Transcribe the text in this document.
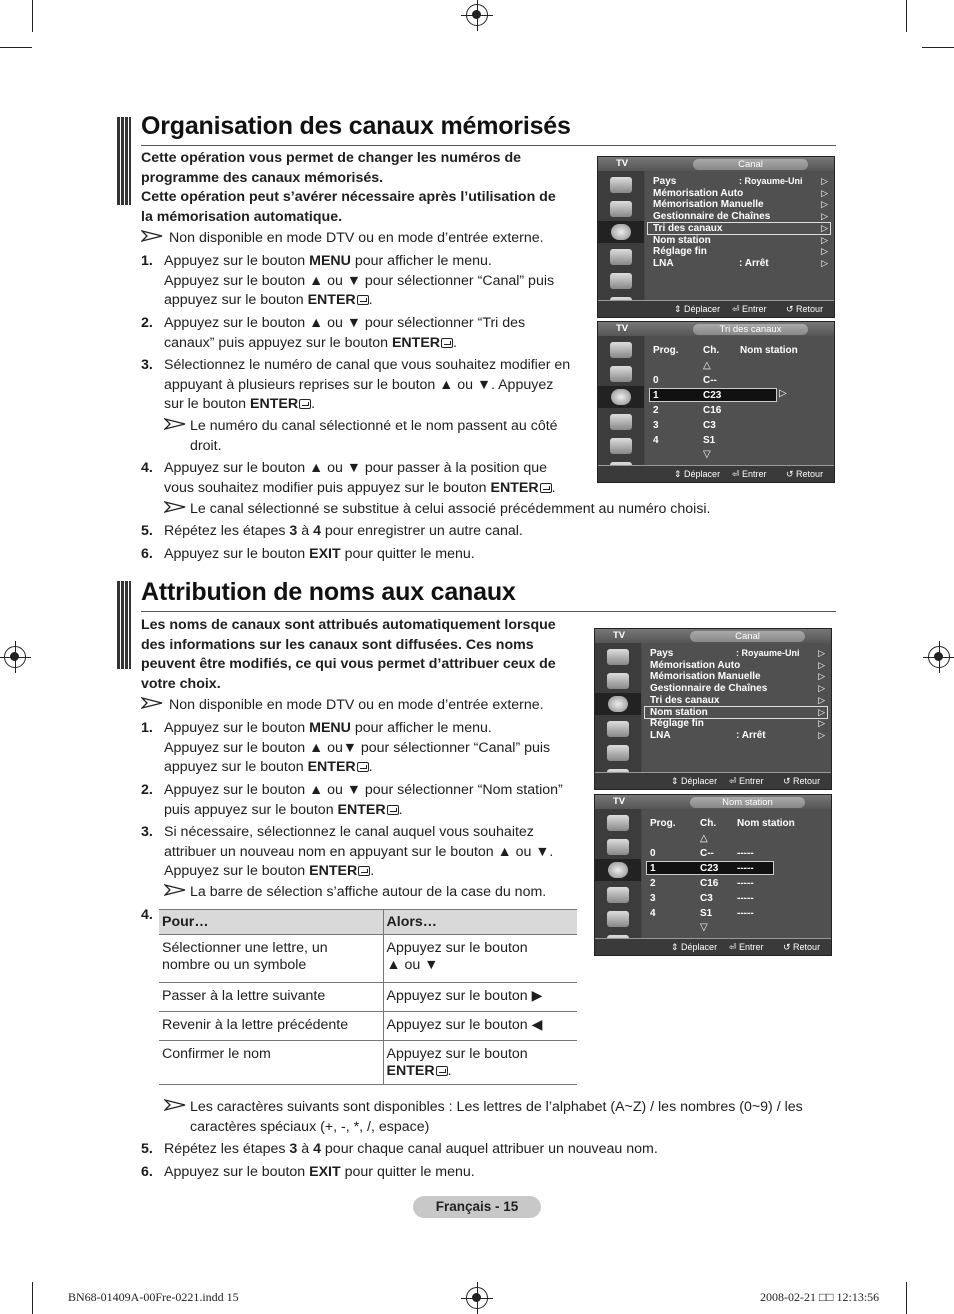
Organisation des canaux mémorisés
Cette opération vous permet de changer les numéros de
programme des canaux mémorisés.
Cette opération peut s’avérer nécessaire après l’utilisation de
la mémorisation automatique.
Non disponible en mode DTV ou en mode d’entrée externe.
1. Appuyez sur le bouton MENU pour afficher le menu.
Appuyez sur le bouton ▲ ou ▼ pour sélectionner “Canal” puis
appuyez sur le bouton ENTER .
2. Appuyez sur le bouton ▲ ou ▼ pour sélectionner “Tri des
canaux” puis appuyez sur le bouton ENTER .
3. Sélectionnez le numéro de canal que vous souhaitez modifier en
appuyant à plusieurs reprises sur le bouton ▲ ou ▼. Appuyez
sur le bouton ENTER .
Le numéro du canal sélectionné et le nom passent au côté
droit.
4. Appuyez sur le bouton ▲ ou ▼ pour passer à la position que
vous souhaitez modifier puis appuyez sur le bouton ENTER .
Le canal sélectionné se substitue à celui associé précédemment au numéro choisi.
5. Répétez les étapes 3 à 4 pour enregistrer un autre canal.
6. Appuyez sur le bouton EXIT pour quitter le menu.
TV	Canal
Pays	: Royaume-Uni ▷
Mémorisation Auto	▷
Mémorisation Manuelle	▷
Gestionnaire de Chaînes	▷
Tri des canaux	▷
Nom station	▷
Réglage fin	▷
LNA	: Arrêt	▷
⇕ Déplacer ⏎ Entrer ↺ Retour
TV	Tri des canaux
Prog. Ch. Nom station
△
▷
0	C--
1	C23
2	C16
3	C3
4	S1
▽
⇕ Déplacer ⏎ Entrer ↺ Retour
Attribution de noms aux canaux
Les noms de canaux sont attribués automatiquement lorsque
des informations sur les canaux sont diffusées. Ces noms
peuvent être modifiés, ce qui vous permet d’attribuer ceux de
votre choix.
Non disponible en mode DTV ou en mode d’entrée externe.
1. Appuyez sur le bouton MENU pour afficher le menu.
Appuyez sur le bouton ▲ ou▼ pour sélectionner “Canal” puis
appuyez sur le bouton ENTER .
2. Appuyez sur le bouton ▲ ou ▼ pour sélectionner “Nom station”
puis appuyez sur le bouton ENTER .
3. Si nécessaire, sélectionnez le canal auquel vous souhaitez
attribuer un nouveau nom en appuyant sur le bouton ▲ ou ▼.
Appuyez sur le bouton ENTER .
La barre de sélection s’affiche autour de la case du nom.
4. Pour…	Alors…
Sélectionner une lettre, un
nombre ou un symbole	Appuyez sur le bouton
▲ ou ▼
Passer à la lettre suivante	Appuyez sur le bouton ▶
Revenir à la lettre précédente	Appuyez sur le bouton ◀
Confirmer le nom	Appuyez sur le bouton
ENTER .
Les caractères suivants sont disponibles : Les lettres de l’alphabet (A~Z) / les nombres (0~9) / les
caractères spéciaux (+, -, *, /, espace)
5. Répétez les étapes 3 à 4 pour chaque canal auquel attribuer un nouveau nom.
6. Appuyez sur le bouton EXIT pour quitter le menu.
TV	Canal
Pays	: Royaume-Uni ▷
Mémorisation Auto	▷
Mémorisation Manuelle	▷
Gestionnaire de Chaînes	▷
Tri des canaux	▷
Nom station	▷
Réglage fin	▷
LNA	: Arrêt	▷
⇕ Déplacer ⏎ Entrer ↺ Retour
TV	Nom station
Prog. Ch. Nom station
△
0	C-- -----
1	C23 -----
2	C16 -----
3	C3 -----
4	S1 -----
▽
⇕ Déplacer ⏎ Entrer ↺ Retour
Français - 15
BN68-01409A-00Fre-0221.indd 15	2008-02-21 □□ 12:13:56
